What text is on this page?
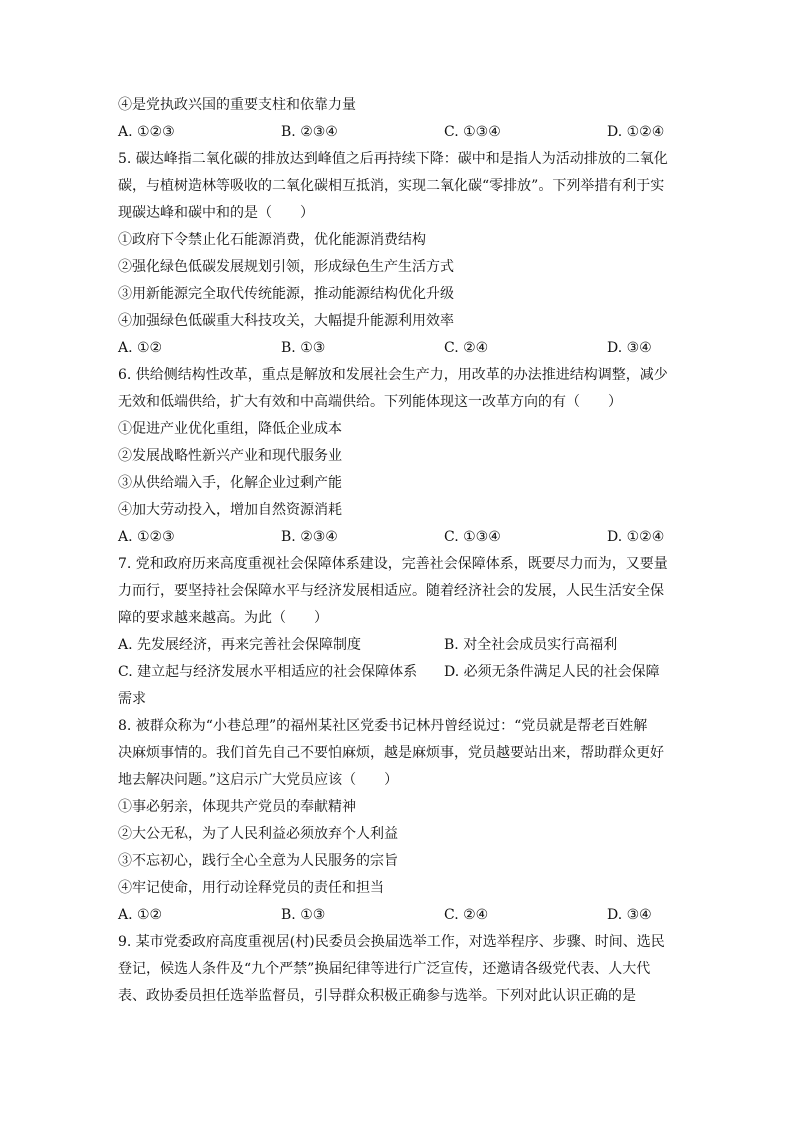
④是党执政兴国的重要支柱和依靠力量
A. ①②③	B. ②③④	C. ①③④	D. ①②④
5. 碳达峰指二氧化碳的排放达到峰值之后再持续下降：碳中和是指人为活动排放的二氧化
碳，与植树造林等吸收的二氧化碳相互抵消，实现二氧化碳“零排放”。下列举措有利于实
现碳达峰和碳中和的是（　　）
①政府下令禁止化石能源消费，优化能源消费结构
②强化绿色低碳发展规划引领，形成绿色生产生活方式
③用新能源完全取代传统能源，推动能源结构优化升级
④加强绿色低碳重大科技攻关，大幅提升能源利用效率
A. ①②	B. ①③	C. ②④	D. ③④
6. 供给侧结构性改革，重点是解放和发展社会生产力，用改革的办法推进结构调整，减少
无效和低端供给，扩大有效和中高端供给。下列能体现这一改革方向的有（　　）
①促进产业优化重组，降低企业成本
②发展战略性新兴产业和现代服务业
③从供给端入手，化解企业过剩产能
④加大劳动投入，增加自然资源消耗
A. ①②③	B. ②③④	C. ①③④	D. ①②④
7. 党和政府历来高度重视社会保障体系建设，完善社会保障体系，既要尽力而为，又要量
力而行，要坚持社会保障水平与经济发展相适应。随着经济社会的发展，人民生活安全保
障的要求越来越高。为此（　　）
A. 先发展经济，再来完善社会保障制度	B. 对全社会成员实行高福利
C. 建立起与经济发展水平相适应的社会保障体系 D. 必须无条件满足人民的社会保障
需求
8. 被群众称为“小巷总理”的福州某社区党委书记林丹曾经说过：“党员就是帮老百姓解
决麻烦事情的。我们首先自己不要怕麻烦，越是麻烦事，党员越要站出来，帮助群众更好
地去解决问题。”这启示广大党员应该（　　）
①事必躬亲，体现共产党员的奉献精神
②大公无私，为了人民利益必须放弃个人利益
③不忘初心，践行全心全意为人民服务的宗旨
④牢记使命，用行动诠释党员的责任和担当
A. ①②	B. ①③	C. ②④	D. ③④
9. 某市党委政府高度重视居(村)民委员会换届选举工作，对选举程序、步骤、时间、选民
登记，候选人条件及“九个严禁”换届纪律等进行广泛宣传，还邀请各级党代表、人大代
表、政协委员担任选举监督员，引导群众积极正确参与选举。下列对此认识正确的是
